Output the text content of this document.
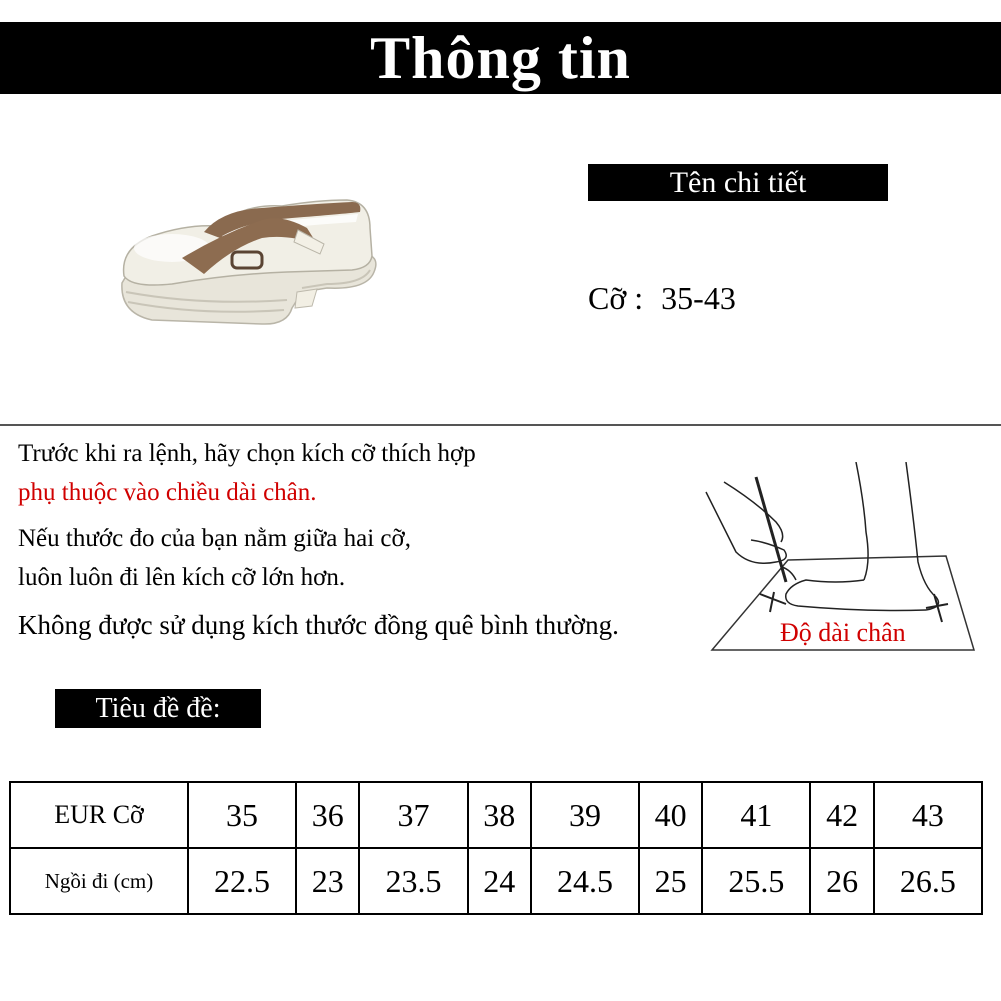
Thông tin
Tên chi tiết
Cỡ : 35-43
Trước khi ra lệnh, hãy chọn kích cỡ thích hợp
phụ thuộc vào chiều dài chân.
Nếu thước đo của bạn nằm giữa hai cỡ,
luôn luôn đi lên kích cỡ lớn hơn.
Không được sử dụng kích thước đồng quê bình thường.	Độ dài chân
Tiêu đề đề:
EUR Cỡ	35	36	37	38	39	40	41	42	43
Ngồi đi (cm)	22.5	23	23.5	24	24.5	25	25.5	26	26.5
